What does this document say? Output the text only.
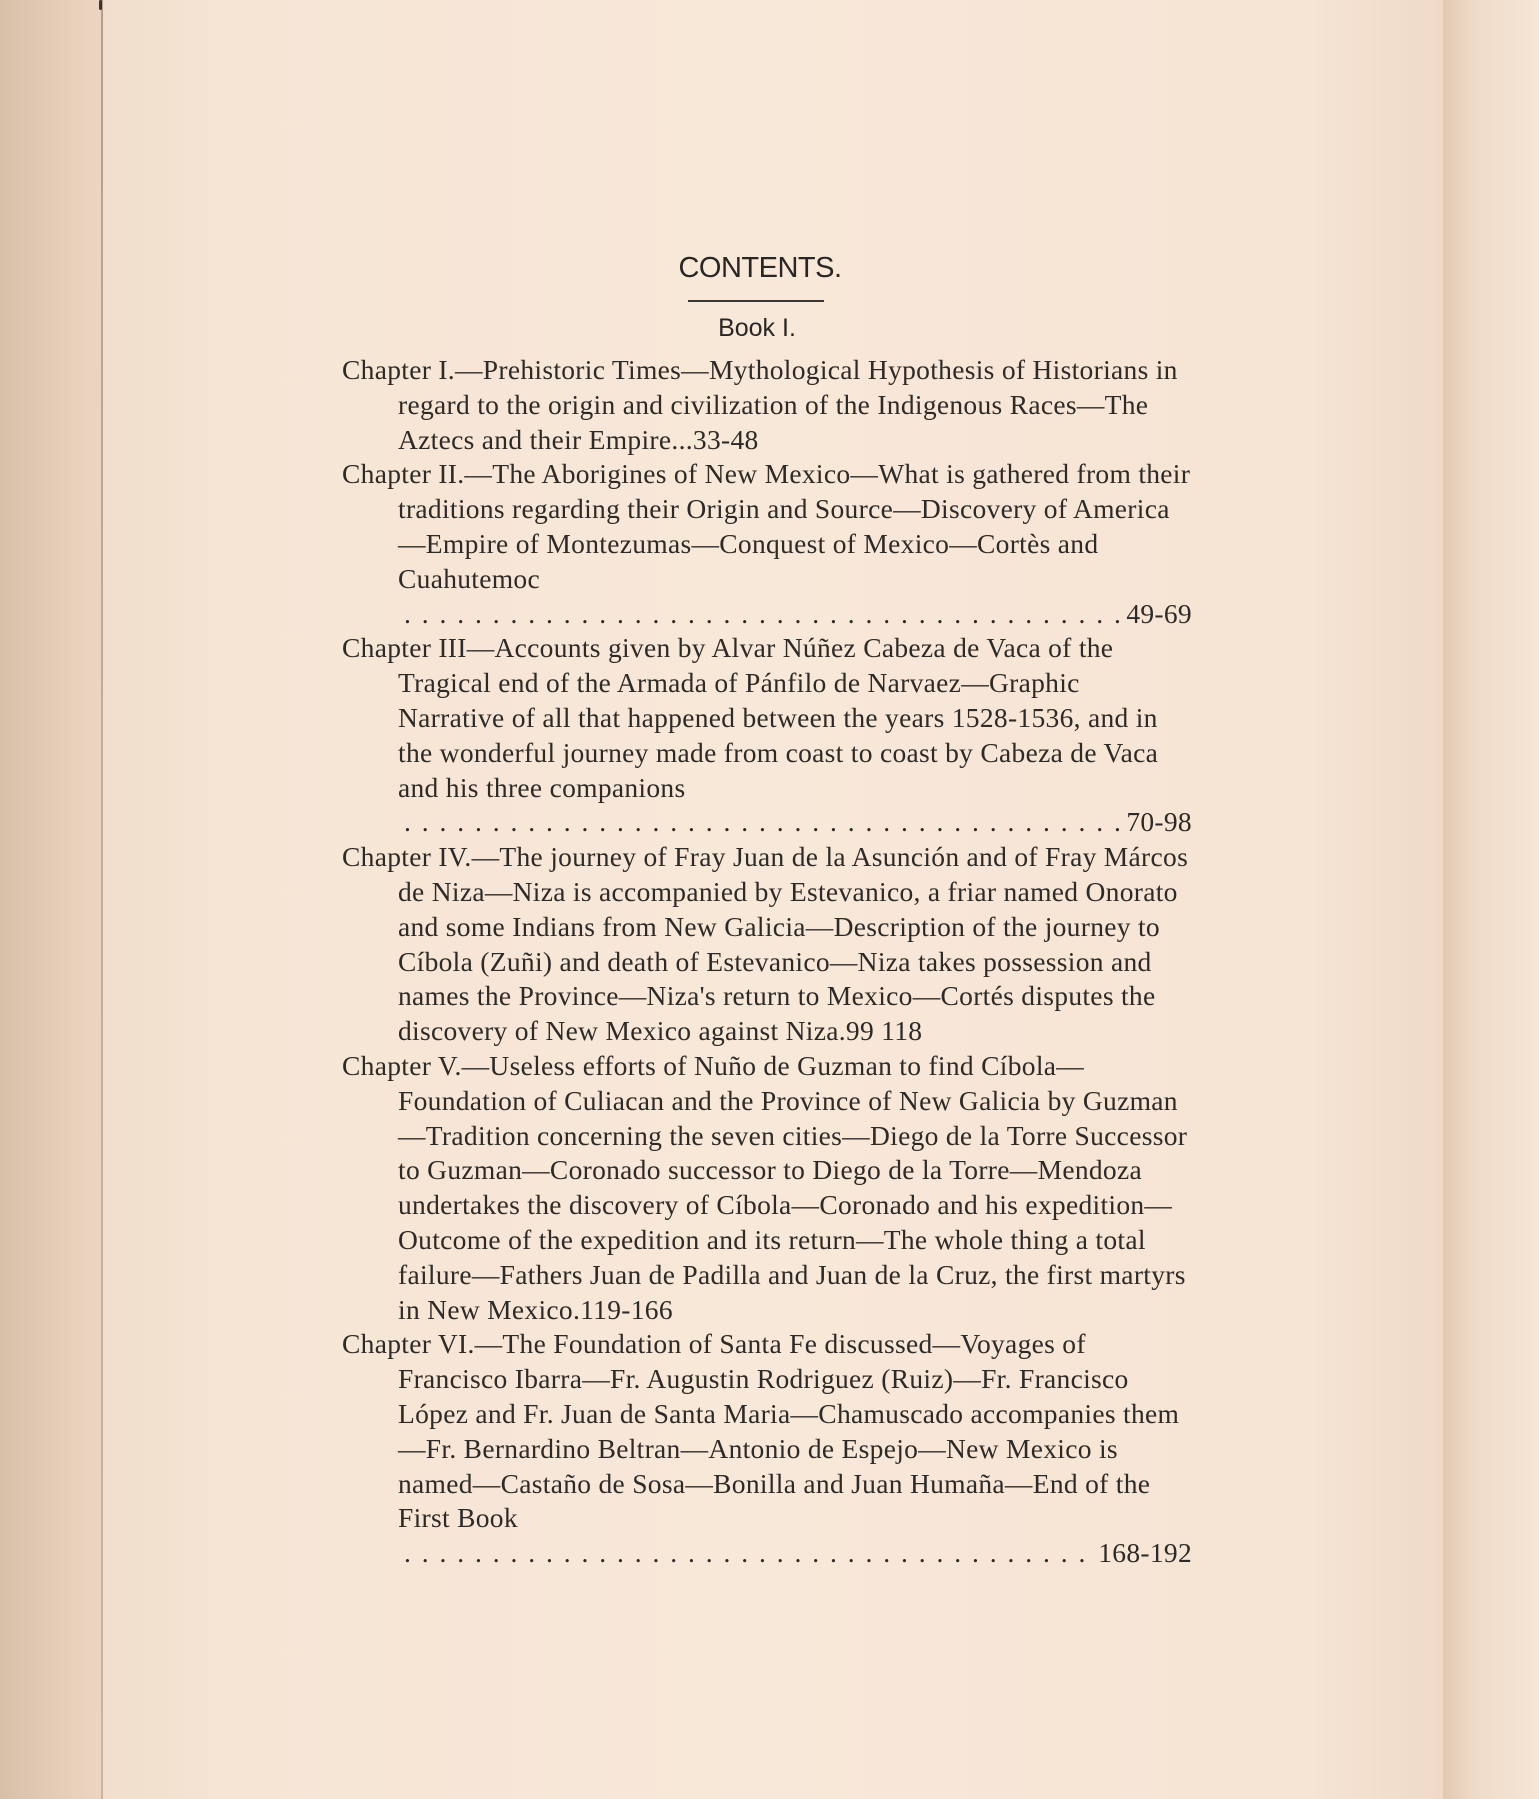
CONTENTS.
Book I.
Chapter I.—Prehistoric Times—Mythological Hypothesis of Historians in regard to the origin and civilization of the Indigenous Races—The Aztecs and their Empire...33-48
Chapter II.—The Aborigines of New Mexico—What is gathered from their traditions regarding their Origin and Source—Discovery of America—Empire of Montezumas—Conquest of Mexico—Cortès and Cuahutemoc
. . .
49-69
Chapter III—Accounts given by Alvar Núñez Cabeza de Vaca of the Tragical end of the Armada of Pánfilo de Narvaez—Graphic Narrative of all that happened between the years 1528-1536, and in the wonderful journey made from coast to coast by Cabeza de Vaca and his three companions
. . .
70-98
Chapter IV.—The journey of Fray Juan de la Asunción and of Fray Márcos de Niza—Niza is accompanied by Estevanico, a friar named Onorato and some Indians from New Galicia—Description of the journey to Cíbola (Zuñi) and death of Estevanico—Niza takes possession and names the Province—Niza's return to Mexico—Cortés disputes the discovery of New Mexico against Niza.99 118
Chapter V.—Useless efforts of Nuño de Guzman to find Cíbola—Foundation of Culiacan and the Province of New Galicia by Guzman—Tradition concerning the seven cities—Diego de la Torre Successor to Guzman—Coronado successor to Diego de la Torre—Mendoza undertakes the discovery of Cíbola—Coronado and his expedition—Outcome of the expedition and its return—The whole thing a total failure—Fathers Juan de Padilla and Juan de la Cruz, the first martyrs in New Mexico.119-166
Chapter VI.—The Foundation of Santa Fe discussed—Voyages of Francisco Ibarra—Fr. Augustin Rodriguez (Ruiz)—Fr. Francisco López and Fr. Juan de Santa Maria—Chamuscado accompanies them—Fr. Bernardino Beltran—Antonio de Espejo—New Mexico is named—Castaño de Sosa—Bonilla and Juan Humaña—End of the First Book
. . .
168-192
